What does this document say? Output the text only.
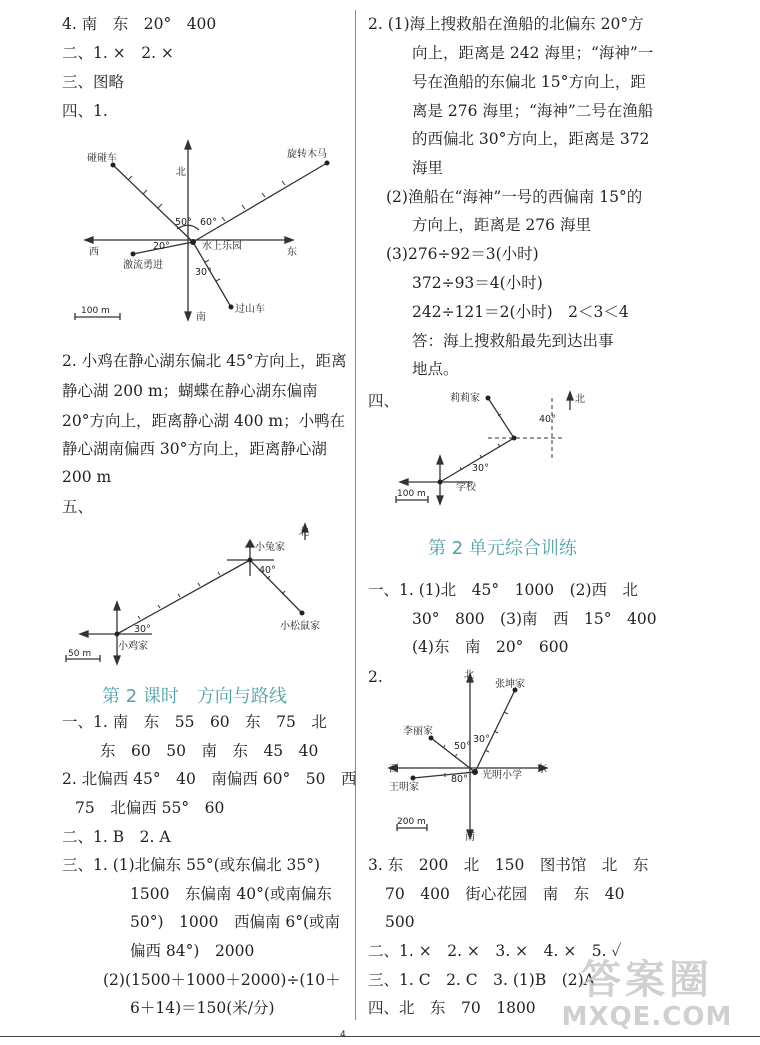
4. 南　东　20°　400
二、1. ×　2. ×
三、图略
四、1.
碰碰车	旋转木马
北
50° 60°
西
20°	水上乐园
东
激流勇进
30°
100 m	过山车
南
2. 小鸡在静心湖东偏北 45°方向上，距离
静心湖 200 m；蝴蝶在静心湖东偏南
20°方向上，距离静心湖 400 m；小鸭在
静心湖南偏西 30°方向上，距离静心湖
200 m
五、
北
小兔家
40°
小松鼠家
30°
50 m
小鸡家
第 2 课时　方向与路线
一、1. 南　东　55　60　东　75　北
东　60　50　南　东　45　40
2. 北偏西 45°　40　南偏西 60°　50　西
75　北偏西 55°　60
二、1. B　2. A
三、1. (1)北偏东 55°(或东偏北 35°)
1500　东偏南 40°(或南偏东
50°)　1000　西偏南 6°(或南
偏西 84°)　2000
(2)(1500＋1000＋2000)÷(10＋
6＋14)＝150(米/分)
2. (1)海上搜救船在渔船的北偏东 20°方
向上，距离是 242 海里；“海神”一
号在渔船的东偏北 15°方向上，距
离是 276 海里；“海神”二号在渔船
的西偏北 30°方向上，距离是 372
海里
(2)渔船在“海神”一号的西偏南 15°的
方向上，距离是 276 海里
(3)276÷92＝3(小时)
372÷93＝4(小时)
242÷121＝2(小时)　2＜3＜4
答：海上搜救船最先到达出事
地点。
四、	莉莉家
40°
北
30°
100 m
学校
第 2 单元综合训练
一、1. (1)北　45°　1000　(2)西　北
30°　800　(3)南　西　15°　400
(4)东　南　20°　600
2.	北
张坤家
李丽家
50°
30°
西	东
80° 光明小学
王明家
200 m
南
3. 东　200　北　150　图书馆　北　东
70　400　街心花园　南　东　40
500
二、1. ×　2. ×　3. ×　4. ×　5. ✓
三、1. C　2. C　3. (1)B　(2)A
四、北　东　70　1800
答案圈
MXQE.COM
4
